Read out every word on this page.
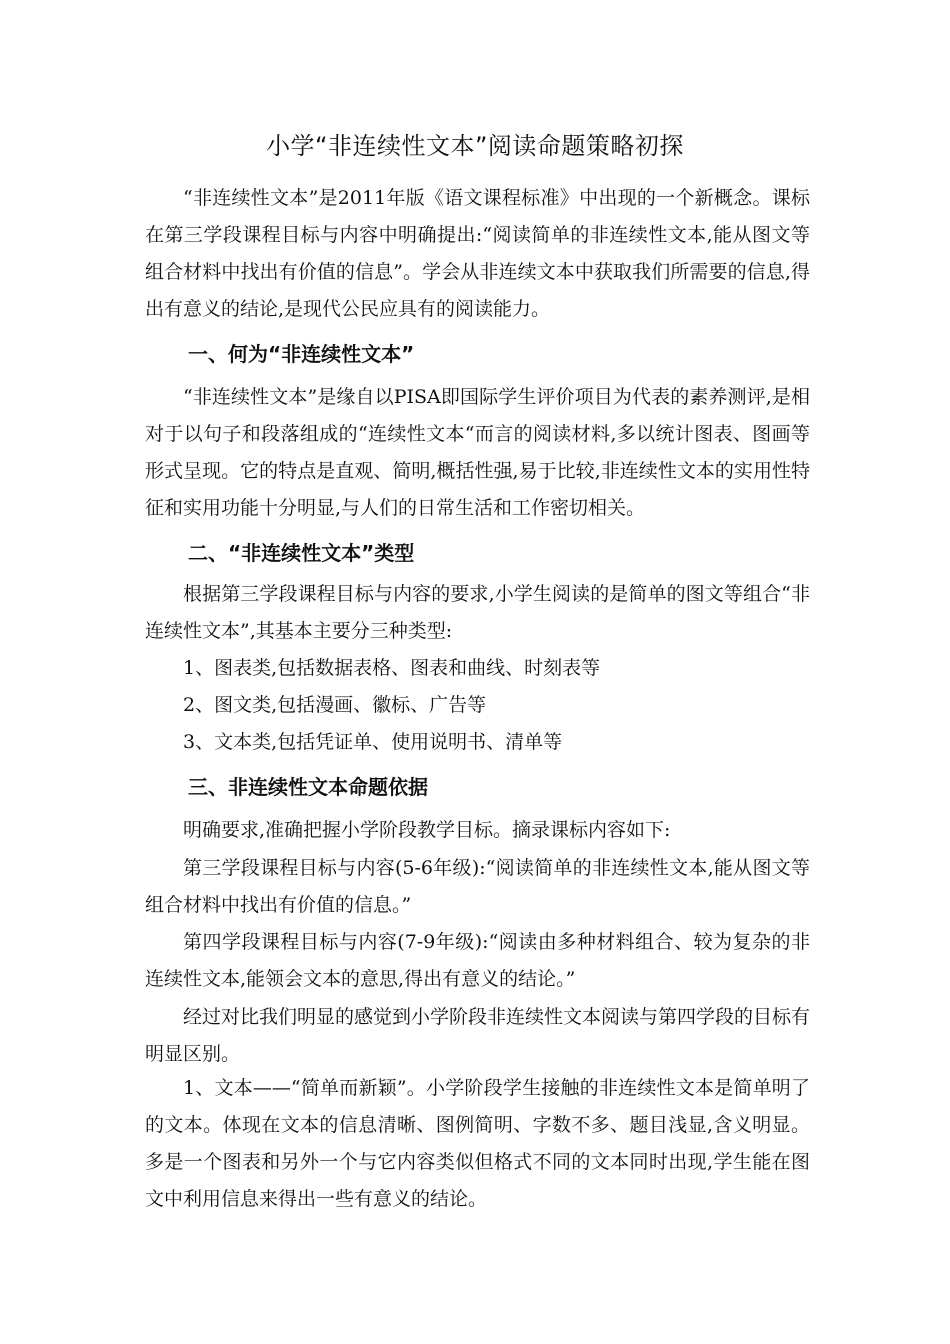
小学“非连续性文本”阅读命题策略初探

“非连续性文本”是2011年版《语文课程标准》中出现的一个新概念。课标在第三学段课程目标与内容中明确提出:“阅读简单的非连续性文本,能从图文等组合材料中找出有价值的信息”。学会从非连续文本中获取我们所需要的信息,得出有意义的结论,是现代公民应具有的阅读能力。

一、何为“非连续性文本”

“非连续性文本”是缘自以PISA即国际学生评价项目为代表的素养测评,是相对于以句子和段落组成的“连续性文本“而言的阅读材料,多以统计图表、图画等形式呈现。它的特点是直观、简明,概括性强,易于比较,非连续性文本的实用性特征和实用功能十分明显,与人们的日常生活和工作密切相关。

二、“非连续性文本”类型

根据第三学段课程目标与内容的要求,小学生阅读的是简单的图文等组合“非连续性文本”,其基本主要分三种类型:

1、图表类,包括数据表格、图表和曲线、时刻表等
2、图文类,包括漫画、徽标、广告等
3、文本类,包括凭证单、使用说明书、清单等
三、非连续性文本命题依据

明确要求,准确把握小学阶段教学目标。摘录课标内容如下:

第三学段课程目标与内容(5-6年级):“阅读简单的非连续性文本,能从图文等组合材料中找出有价值的信息。”

第四学段课程目标与内容(7-9年级):“阅读由多种材料组合、较为复杂的非连续性文本,能领会文本的意思,得出有意义的结论。”

经过对比我们明显的感觉到小学阶段非连续性文本阅读与第四学段的目标有明显区别。

1、文本——“简单而新颖”。小学阶段学生接触的非连续性文本是简单明了的文本。体现在文本的信息清晰、图例简明、字数不多、题目浅显,含义明显。多是一个图表和另外一个与它内容类似但格式不同的文本同时出现,学生能在图文中利用信息来得出一些有意义的结论。
